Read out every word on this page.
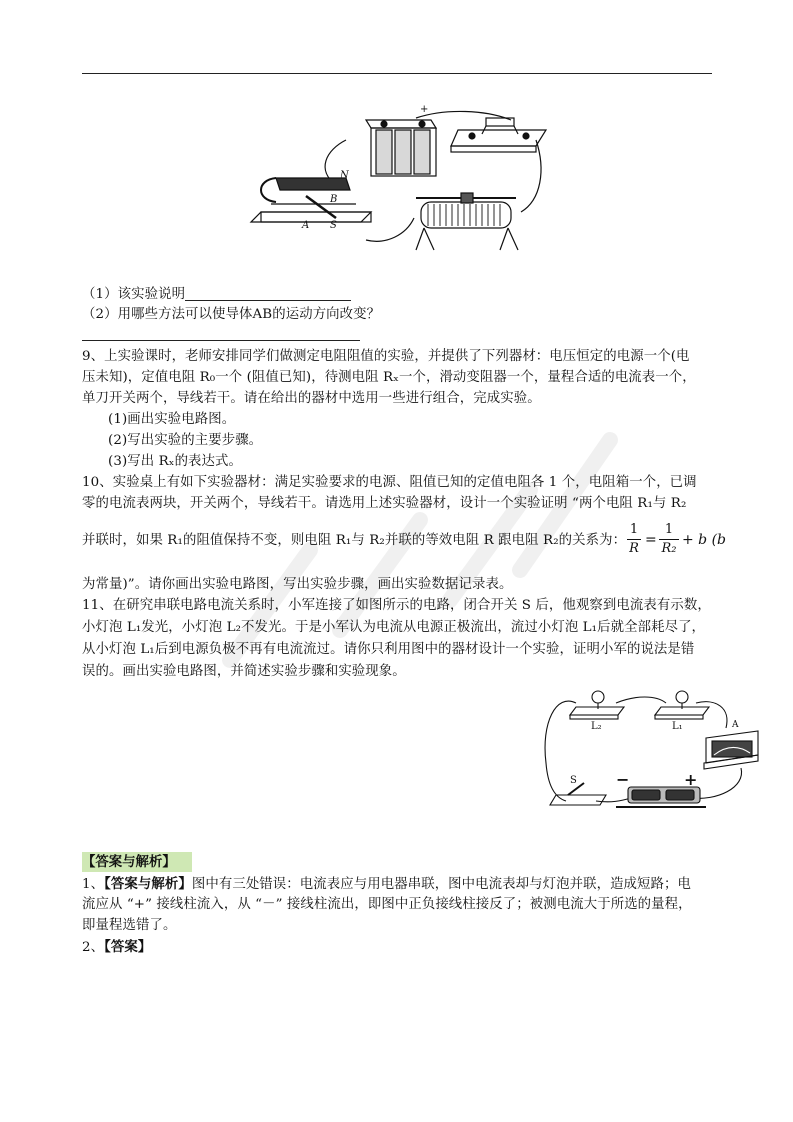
+
N
B
A S
（1）该实验说明
（2）用哪些方法可以使导体AB的运动方向改变？
9、上实验课时，老师安排同学们做测定电阻阻值的实验，并提供了下列器材：电压恒定的电源一个(电
压未知)，定值电阻 R₀一个 (阻值已知)，待测电阻 Rₓ一个，滑动变阻器一个，量程合适的电流表一个，
单刀开关两个，导线若干。请在给出的器材中选用一些进行组合，完成实验。
(1)画出实验电路图。
(2)写出实验的主要步骤。
(3)写出 Rₓ的表达式。
10、实验桌上有如下实验器材：满足实验要求的电源、阻值已知的定值电阻各 1 个，电阻箱一个，已调
零的电流表两块，开关两个，导线若干。请选用上述实验器材，设计一个实验证明 “两个电阻 R₁与 R₂
并联时，如果 R₁的阻值保持不变，则电阻 R₁与 R₂并联的等效电阻 R 跟电阻 R₂的关系为：
1
R
=
1
R₂
+ b (b
为常量)”。请你画出实验电路图，写出实验步骤，画出实验数据记录表。
11、在研究串联电路电流关系时，小军连接了如图所示的电路，闭合开关 S 后，他观察到电流表有示数，
小灯泡 L₁发光，小灯泡 L₂不发光。于是小军认为电流从电源正极流出，流过小灯泡 L₁后就全部耗尽了，
从小灯泡 L₁后到电源负极不再有电流流过。请你只利用图中的器材设计一个实验，证明小军的说法是错
误的。画出实验电路图，并简述实验步骤和实验现象。
L₂	L₁	A
S −	+
【答案与解析】
1、【答案与解析】图中有三处错误：电流表应与用电器串联，图中电流表却与灯泡并联，造成短路；电
流应从 “+” 接线柱流入，从 “－” 接线柱流出，即图中正负接线柱接反了；被测电流大于所选的量程，
即量程选错了。
2、【答案】
